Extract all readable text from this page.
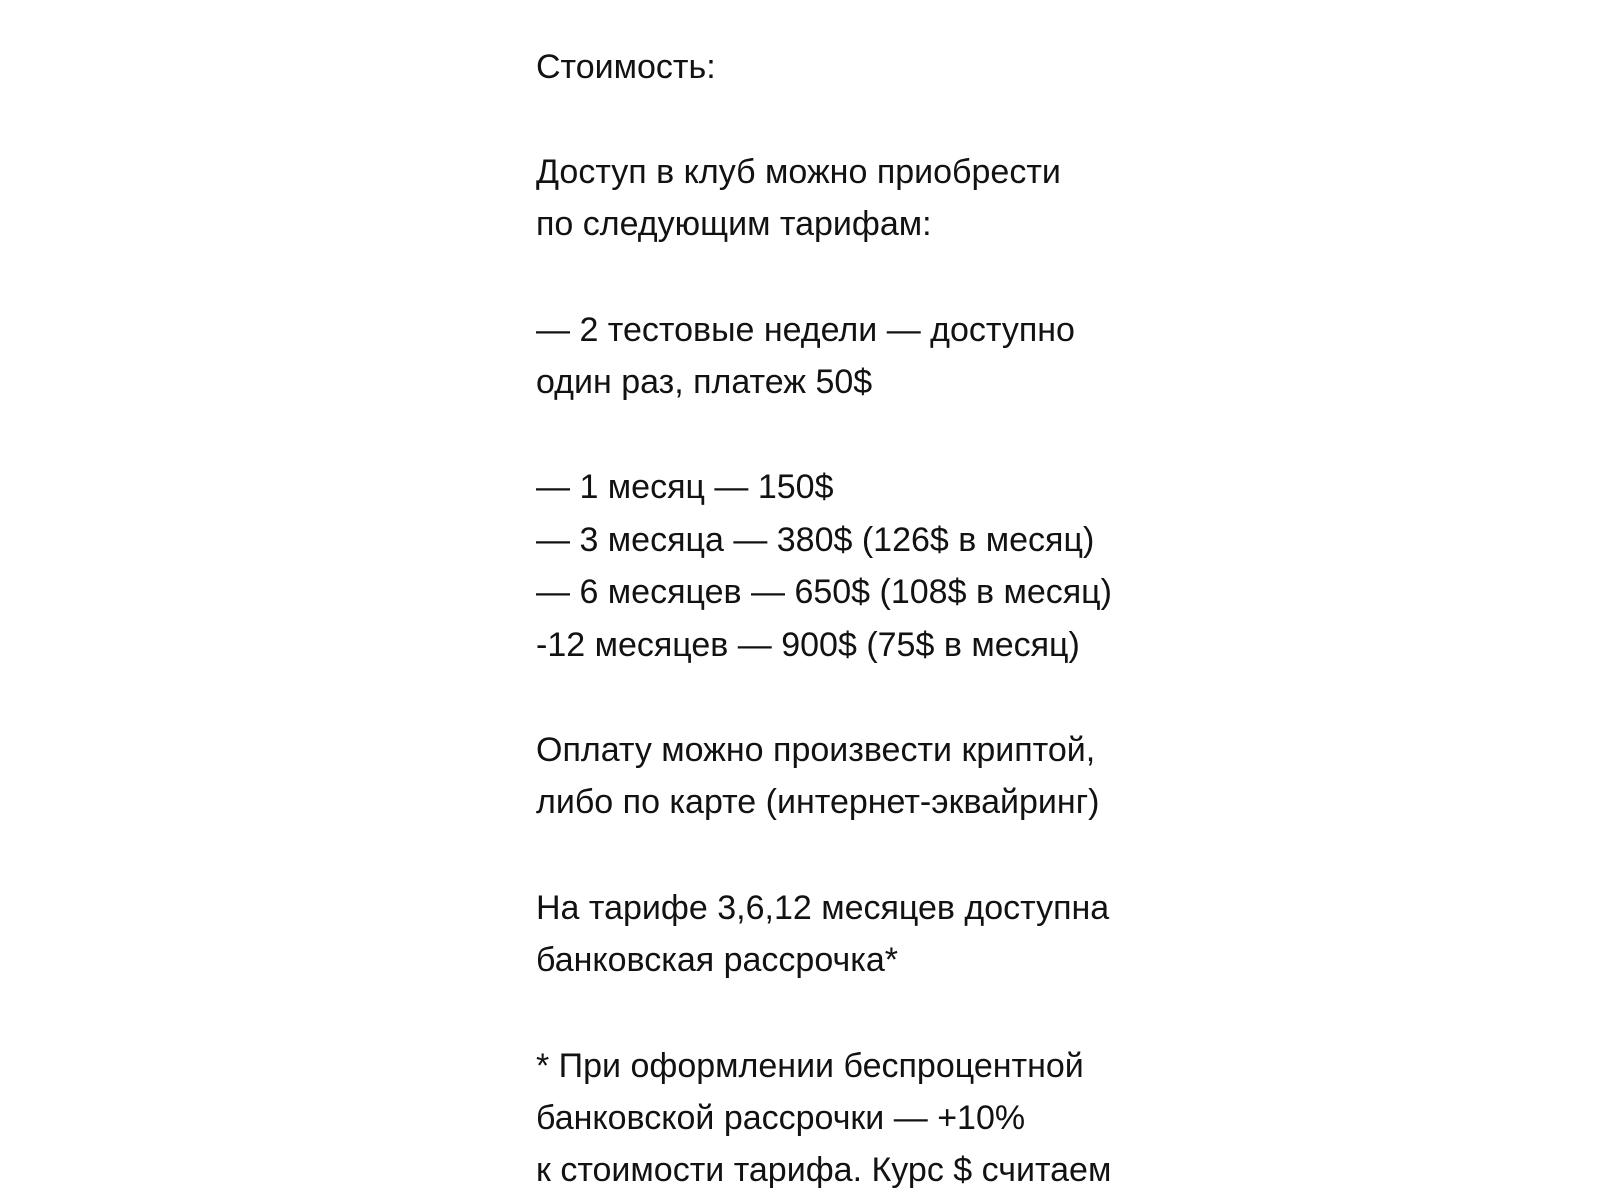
Стоимость:
Доступ в клуб можно приобрести
по следующим тарифам:
— 2 тестовые недели — доступно
один раз, платеж 50$
— 1 месяц — 150$
— 3 месяца — 380$ (126$ в месяц)
— 6 месяцев — 650$ (108$ в месяц)
-12 месяцев — 900$ (75$ в месяц)
Оплату можно произвести криптой,
либо по карте (интернет-эквайринг)
На тарифе 3,6,12 месяцев доступна
банковская рассрочка*
* При оформлении беспроцентной
банковской рассрочки — +10%
к стоимости тарифа. Курс $ считаем
